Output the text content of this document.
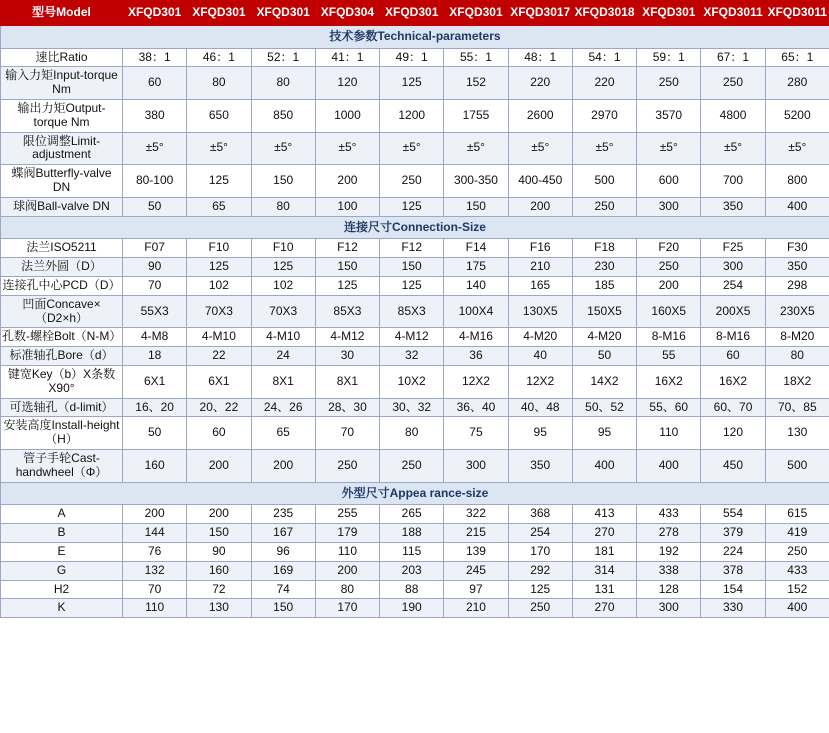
型号Model	XFQD301	XFQD301	XFQD301	XFQD304	XFQD301	XFQD301	XFQD3017	XFQD3018	XFQD301	XFQD3011	XFQD3011
技术参数Technical-parameters											
速比Ratio	38：1	46：1	52：1	41：1	49：1	55：1	48：1	54：1	59：1	67：1	65：1
输入力矩Input-torque Nm	60	80	80	120	125	152	220	220	250	250	280
输出力矩Output-torque Nm	380	650	850	1000	1200	1755	2600	2970	3570	4800	5200
限位调整Limit-adjustment	±5°	±5°	±5°	±5°	±5°	±5°	±5°	±5°	±5°	±5°	±5°
蝶阀Butterfly-valve DN	80-100	125	150	200	250	300-350	400-450	500	600	700	800
球阀Ball-valve DN	50	65	80	100	125	150	200	250	300	350	400
连接尺寸Connection-Size											
法兰ISO5211	F07	F10	F10	F12	F12	F14	F16	F18	F20	F25	F30
法兰外圆（D）	90	125	125	150	150	175	210	230	250	300	350
连接孔中心PCD（D）	70	102	102	125	125	140	165	185	200	254	298
凹面Concave×（D2×h）	55X3	70X3	70X3	85X3	85X3	100X4	130X5	150X5	160X5	200X5	230X5
孔数-螺栓Bolt（N-M）	4-M8	4-M10	4-M10	4-M12	4-M12	4-M16	4-M20	4-M20	8-M16	8-M16	8-M20
标准轴孔Bore（d）	18	22	24	30	32	36	40	50	55	60	80
键宽Key（b）X条数X90°	6X1	6X1	8X1	8X1	10X2	12X2	12X2	14X2	16X2	16X2	18X2
可选轴孔（d-limit）	16、20	20、22	24、26	28、30	30、32	36、40	40、48	50、52	55、60	60、70	70、85
安装高度Install-height（H）	50	60	65	70	80	75	95	95	110	120	130
管子手轮Cast-handwheel（Φ）	160	200	200	250	250	300	350	400	400	450	500
外型尺寸Appea rance-size											
A	200	200	235	255	265	322	368	413	433	554	615
B	144	150	167	179	188	215	254	270	278	379	419
E	76	90	96	110	115	139	170	181	192	224	250
G	132	160	169	200	203	245	292	314	338	378	433
H2	70	72	74	80	88	97	125	131	128	154	152
K	110	130	150	170	190	210	250	270	300	330	400
